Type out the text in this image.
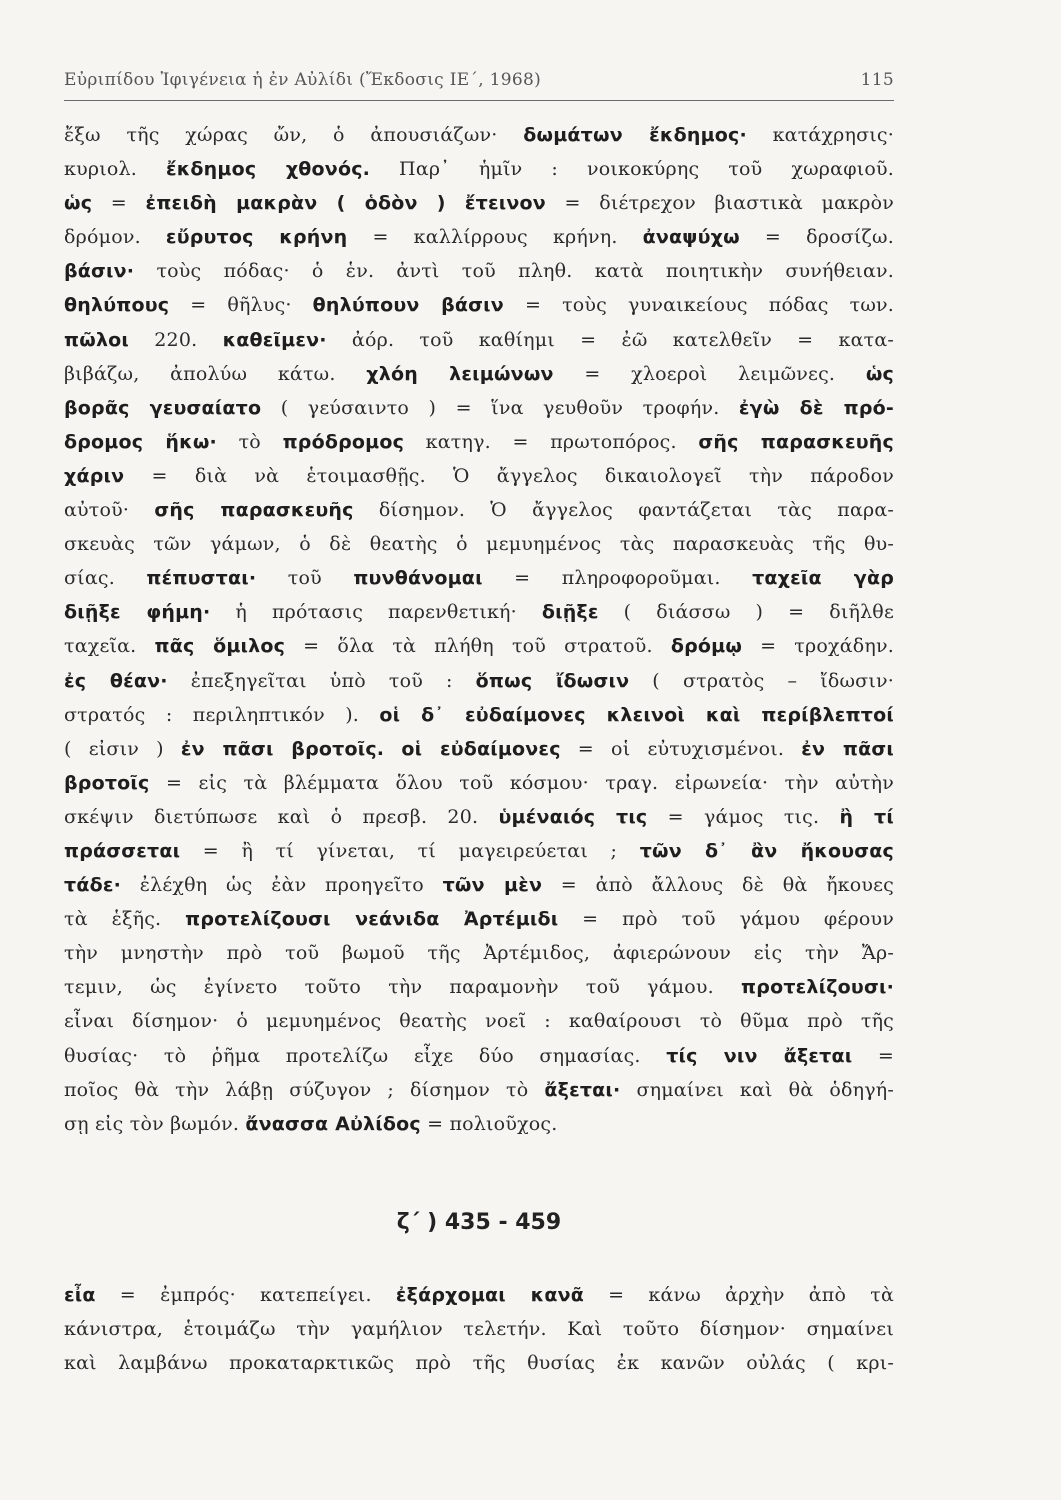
Εὐριπίδου Ἰφιγένεια ἡ ἐν Αὐλίδι (Ἔκδοσις ΙΕ΄, 1968)	115
ἔξω τῆς χώρας ὤν, ὁ ἀπουσιάζων· δωμάτων ἔκδημος· κατάχρησις·
κυριολ. ἔκδημος χθονός. Παρ᾽ ἡμῖν : νοικοκύρης τοῦ χωραφιοῦ.
ὡς = ἐπειδὴ μακρὰν ( ὁδὸν ) ἔτεινον = διέτρεχον βιαστικὰ μακρὸν
δρόμον. εὔρυτος κρήνη = καλλίρρους κρήνη. ἀναψύχω = δροσίζω.
βάσιν· τοὺς πόδας· ὁ ἑν. ἀντὶ τοῦ πληθ. κατὰ ποιητικὴν συνήθειαν.
θηλύπους = θῆλυς· θηλύπουν βάσιν = τοὺς γυναικείους πόδας των.
πῶλοι 220. καθεῖμεν· ἀόρ. τοῦ καθίημι = ἐῶ κατελθεῖν = κατα-
βιβάζω, ἀπολύω κάτω. χλόη λειμώνων = χλοεροὶ λειμῶνες. ὡς
βορᾶς γευσαίατο ( γεύσαιντο ) = ἵνα γευθοῦν τροφήν. ἐγὼ δὲ πρό-
δρομος ἥκω· τὸ πρόδρομος κατηγ. = πρωτοπόρος. σῆς παρασκευῆς
χάριν = διὰ νὰ ἑτοιμασθῇς. Ὁ ἄγγελος δικαιολογεῖ τὴν πάροδον
αὐτοῦ· σῆς παρασκευῆς δίσημον. Ὁ ἄγγελος φαντάζεται τὰς παρα-
σκευὰς τῶν γάμων, ὁ δὲ θεατὴς ὁ μεμυημένος τὰς παρασκευὰς τῆς θυ-
σίας. πέπυσται· τοῦ πυνθάνομαι = πληροφοροῦμαι. ταχεῖα γὰρ
διῇξε φήμη· ἡ πρότασις παρενθετική· διῇξε ( διάσσω ) = διῆλθε
ταχεῖα. πᾶς ὅμιλος = ὅλα τὰ πλήθη τοῦ στρατοῦ. δρόμῳ = τροχάδην.
ἐς θέαν· ἐπεξηγεῖται ὑπὸ τοῦ : ὅπως ἴδωσιν ( στρατὸς – ἴδωσιν·
στρατός : περιληπτικόν ). οἱ δ᾽ εὐδαίμονες κλεινοὶ καὶ περίβλεπτοί
( εἰσιν ) ἐν πᾶσι βροτοῖς. οἱ εὐδαίμονες = οἱ εὐτυχισμένοι. ἐν πᾶσι
βροτοῖς = εἰς τὰ βλέμματα ὅλου τοῦ κόσμου· τραγ. εἰρωνεία· τὴν αὐτὴν
σκέψιν διετύπωσε καὶ ὁ πρεσβ. 20. ὑμέναιός τις = γάμος τις. ἢ τί
πράσσεται = ἢ τί γίνεται, τί μαγειρεύεται ; τῶν δ᾽ ἂν ἤκουσας
τάδε· ἐλέχθη ὡς ἐὰν προηγεῖτο τῶν μὲν = ἀπὸ ἄλλους δὲ θὰ ἤκουες
τὰ ἑξῆς. προτελίζουσι νεάνιδα Ἀρτέμιδι = πρὸ τοῦ γάμου φέρουν
τὴν μνηστὴν πρὸ τοῦ βωμοῦ τῆς Ἀρτέμιδος, ἀφιερώνουν εἰς τὴν Ἄρ-
τεμιν, ὡς ἐγίνετο τοῦτο τὴν παραμονὴν τοῦ γάμου. προτελίζουσι·
εἶναι δίσημον· ὁ μεμυημένος θεατὴς νοεῖ : καθαίρουσι τὸ θῦμα πρὸ τῆς
θυσίας· τὸ ῥῆμα προτελίζω εἶχε δύο σημασίας. τίς νιν ἄξεται =
ποῖος θὰ τὴν λάβῃ σύζυγον ; δίσημον τὸ ἄξεται· σημαίνει καὶ θὰ ὁδηγή-
σῃ εἰς τὸν βωμόν. ἄνασσα Αὐλίδος = πολιοῦχος.
ζ΄ ) 435 - 459
εἶα = ἐμπρός· κατεπείγει. ἐξάρχομαι κανᾶ = κάνω ἀρχὴν ἀπὸ τὰ
κάνιστρα, ἑτοιμάζω τὴν γαμήλιον τελετήν. Καὶ τοῦτο δίσημον· σημαίνει
καὶ λαμβάνω προκαταρκτικῶς πρὸ τῆς θυσίας ἐκ κανῶν οὐλάς ( κρι-
